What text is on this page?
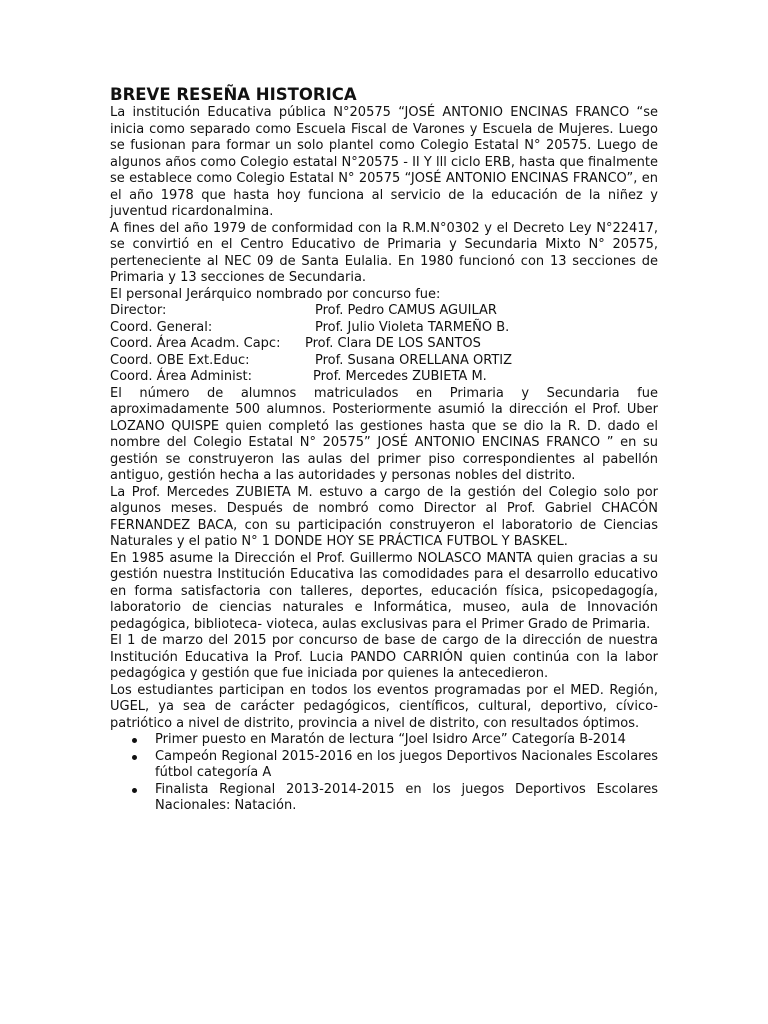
BREVE RESEÑA HISTORICA

La institución Educativa pública N°20575 “JOSÉ ANTONIO ENCINAS FRANCO “se inicia como separado como Escuela Fiscal de Varones y Escuela de Mujeres. Luego se fusionan para formar un solo plantel como Colegio Estatal N° 20575. Luego de algunos años como Colegio estatal N°20575 - II Y lll ciclo ERB, hasta que finalmente se establece como Colegio Estatal N° 20575 “JOSÉ ANTONIO ENCINAS FRANCO”, en el año 1978 que hasta hoy funciona al servicio de la educación de la niñez y juventud ricardonalmina.

A fines del año 1979 de conformidad con la R.M.N°0302 y el Decreto Ley N°22417, se convirtió en el Centro Educativo de Primaria y Secundaria Mixto N° 20575, perteneciente al NEC 09 de Santa Eulalia. En 1980 funcionó con 13 secciones de Primaria y 13 secciones de Secundaria.

El personal Jerárquico nombrado por concurso fue:

Director:	Prof. Pedro CAMUS AGUILAR
Coord. General:	Prof. Julio Violeta TARMEÑO B.
Coord. Área Acadm. Capc:	Prof. Clara DE LOS SANTOS
Coord. OBE Ext.Educ:	Prof. Susana ORELLANA ORTIZ
Coord. Área Administ:	Prof. Mercedes ZUBIETA M.

El número de alumnos matriculados en Primaria y Secundaria fue aproximadamente 500 alumnos. Posteriormente asumió la dirección el Prof. Uber LOZANO QUISPE quien completó las gestiones hasta que se dio la R. D. dado el nombre del Colegio Estatal N° 20575” JOSÉ ANTONIO ENCINAS FRANCO ” en su gestión se construyeron las aulas del primer piso correspondientes al pabellón antiguo, gestión hecha a las autoridades y personas nobles del distrito.

La Prof. Mercedes ZUBIETA M. estuvo a cargo de la gestión del Colegio solo por algunos meses. Después de nombró como Director al Prof. Gabriel CHACÓN FERNANDEZ BACA, con su participación construyeron el laboratorio de Ciencias Naturales y el patio N° 1 DONDE HOY SE PRÁCTICA FUTBOL Y BASKEL.

En 1985 asume la Dirección el Prof. Guillermo NOLASCO MANTA quien gracias a su gestión nuestra Institución Educativa las comodidades para el desarrollo educativo en forma satisfactoria con talleres, deportes, educación física, psicopedagogía, laboratorio de ciencias naturales e Informática, museo, aula de Innovación pedagógica, biblioteca- vioteca, aulas exclusivas para el Primer Grado de Primaria.

El 1 de marzo del 2015 por concurso de base de cargo de la dirección de nuestra Institución Educativa la Prof. Lucia PANDO CARRIÓN quien continúa con la labor pedagógica y gestión que fue iniciada por quienes la antecedieron.

Los estudiantes participan en todos los eventos programadas por el MED. Región, UGEL, ya sea de carácter pedagógicos, científicos, cultural, deportivo, cívico- patriótico a nivel de distrito, provincia a nivel de distrito, con resultados óptimos.

Primer puesto en Maratón de lectura “Joel Isidro Arce” Categoría B-2014
Campeón Regional 2015-2016 en los juegos Deportivos Nacionales Escolares fútbol categoría A
Finalista Regional 2013-2014-2015 en los juegos Deportivos Escolares Nacionales: Natación.
